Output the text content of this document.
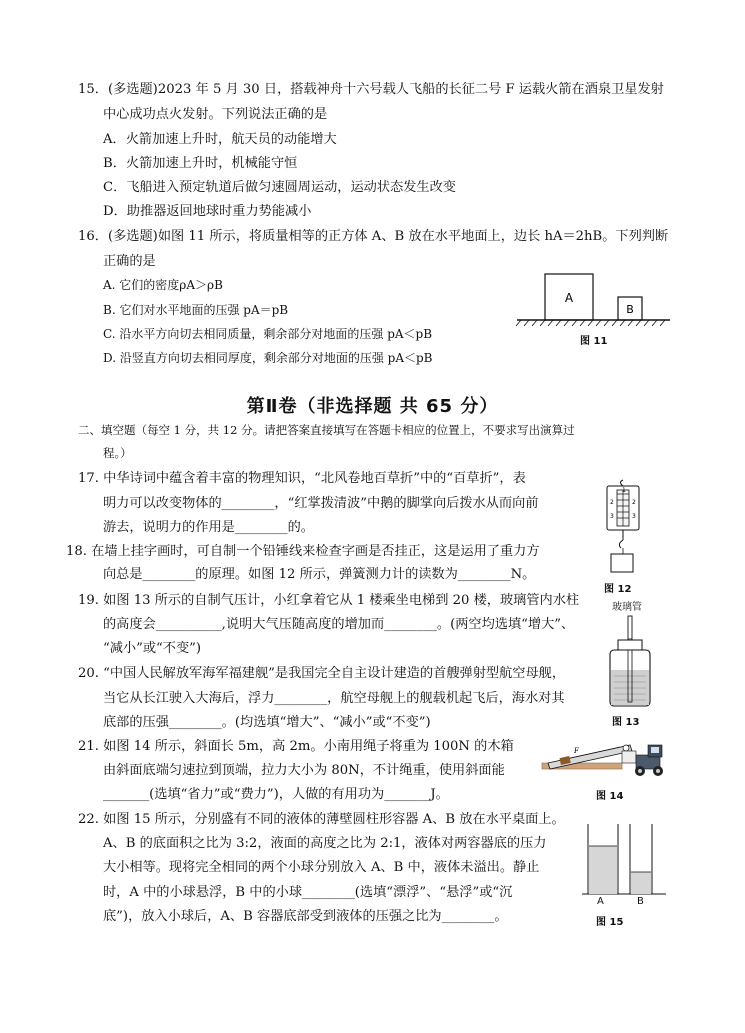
15．(多选题)2023 年 5 月 30 日，搭载神舟十六号载人飞船的长征二号 F 运载火箭在酒泉卫星发射
中心成功点火发射。下列说法正确的是
A．火箭加速上升时，航天员的动能增大
B．火箭加速上升时，机械能守恒
C．飞船进入预定轨道后做匀速圆周运动，运动状态发生改变
D．助推器返回地球时重力势能减小
16．(多选题)如图 11 所示，将质量相等的正方体 A、B 放在水平地面上，边长 hA＝2hB。下列判断
正确的是
A. 它们的密度ρA＞ρB
B. 它们对水平地面的压强 pA＝pB
C. 沿水平方向切去相同质量，剩余部分对地面的压强 pA＜pB
D. 沿竖直方向切去相同厚度，剩余部分对地面的压强 pA＜pB
A
B
图 11
第Ⅱ卷（非选择题 共 65 分）
二、填空题（每空 1 分，共 12 分。请把答案直接填写在答题卡相应的位置上，不要求写出演算过
程。）
17. 中华诗词中蕴含着丰富的物理知识，“北风卷地百草折”中的“百草折”，表
明力可以改变物体的________，“红掌拨清波”中鹅的脚掌向后拨水从而向前
游去，说明力的作用是________的。
18. 在墙上挂字画时，可自制一个铅锤线来检查字画是否挂正，这是运用了重力方
向总是________的原理。如图 12 所示，弹簧测力计的读数为________N。
1
2
3
2
3
图 12
19. 如图 13 所示的自制气压计，小红拿着它从 1 楼乘坐电梯到 20 楼，玻璃管内水柱
的高度会__________,说明大气压随高度的增加而________。(两空均选填“增大”、
“减小”或“不变”)
玻璃管
图 13
20. “中国人民解放军海军福建舰”是我国完全自主设计建造的首艘弹射型航空母舰，
当它从长江驶入大海后，浮力________，航空母舰上的舰载机起飞后，海水对其
底部的压强________。(均选填“增大”、“减小”或“不变”)
21. 如图 14 所示，斜面长 5m，高 2m。小南用绳子将重为 100N 的木箱
由斜面底端匀速拉到顶端，拉力大小为 80N，不计绳重，使用斜面能
_______(选填“省力”或“费力”)，人做的有用功为_______J。
F
图 14
22. 如图 15 所示，分别盛有不同的液体的薄壁圆柱形容器 A、B 放在水平桌面上。
A、B 的底面积之比为 3:2，液面的高度之比为 2:1，液体对两容器底的压力
大小相等。现将完全相同的两个小球分别放入 A、B 中，液体未溢出。静止
时，A 中的小球悬浮，B 中的小球________(选填“漂浮”、“悬浮”或“沉
底”)，放入小球后，A、B 容器底部受到液体的压强之比为________。
A	B
图 15
